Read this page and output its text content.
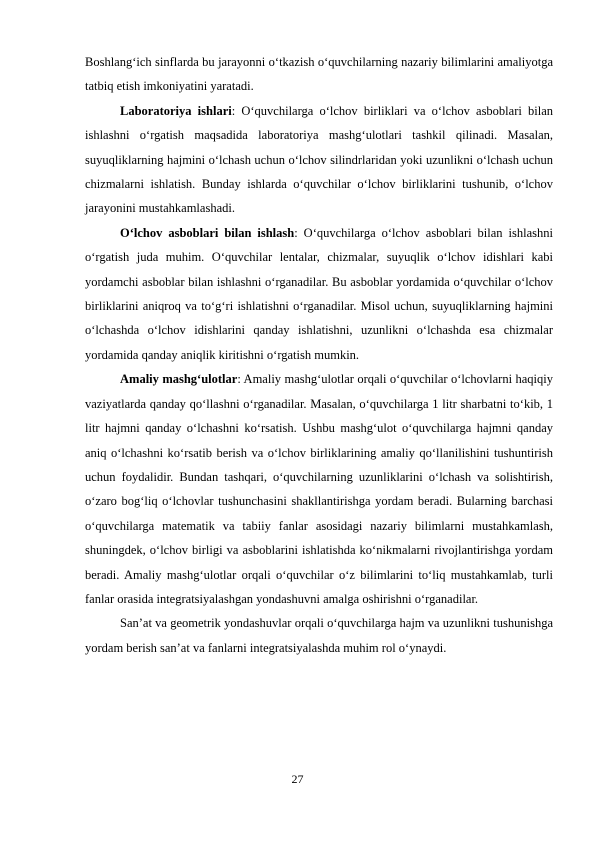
Boshlang‘ich sinflarda bu jarayonni o‘tkazish o‘quvchilarning nazariy bilimlarini amaliyotga tatbiq etish imkoniyatini yaratadi.

Laboratoriya ishlari: O‘quvchilarga o‘lchov birliklari va o‘lchov asboblari bilan ishlashni o‘rgatish maqsadida laboratoriya mashg‘ulotlari tashkil qilinadi. Masalan, suyuqliklarning hajmini o‘lchash uchun o‘lchov silindrlaridan yoki uzunlikni o‘lchash uchun chizmalarni ishlatish. Bunday ishlarda o‘quvchilar o‘lchov birliklarini tushunib, o‘lchov jarayonini mustahkamlashadi.

O‘lchov asboblari bilan ishlash: O‘quvchilarga o‘lchov asboblari bilan ishlashni o‘rgatish juda muhim. O‘quvchilar lentalar, chizmalar, suyuqlik o‘lchov idishlari kabi yordamchi asboblar bilan ishlashni o‘rganadilar. Bu asboblar yordamida o‘quvchilar o‘lchov birliklarini aniqroq va to‘g‘ri ishlatishni o‘rganadilar. Misol uchun, suyuqliklarning hajmini o‘lchashda o‘lchov idishlarini qanday ishlatishni, uzunlikni o‘lchashda esa chizmalar yordamida qanday aniqlik kiritishni o‘rgatish mumkin.

Amaliy mashg‘ulotlar: Amaliy mashg‘ulotlar orqali o‘quvchilar o‘lchovlarni haqiqiy vaziyatlarda qanday qo‘llashni o‘rganadilar. Masalan, o‘quvchilarga 1 litr sharbatni to‘kib, 1 litr hajmni qanday o‘lchashni ko‘rsatish. Ushbu mashg‘ulot o‘quvchilarga hajmni qanday aniq o‘lchashni ko‘rsatib berish va o‘lchov birliklarining amaliy qo‘llanilishini tushuntirish uchun foydalidir. Bundan tashqari, o‘quvchilarning uzunliklarini o‘lchash va solishtirish, o‘zaro bog‘liq o‘lchovlar tushunchasini shakllantirishga yordam beradi. Bularning barchasi o‘quvchilarga matematik va tabiiy fanlar asosidagi nazariy bilimlarni mustahkamlash, shuningdek, o‘lchov birligi va asboblarini ishlatishda ko‘nikmalarni rivojlantirishga yordam beradi. Amaliy mashg‘ulotlar orqali o‘quvchilar o‘z bilimlarini to‘liq mustahkamlab, turli fanlar orasida integratsiyalashgan yondashuvni amalga oshirishni o‘rganadilar.

San’at va geometrik yondashuvlar orqali o‘quvchilarga hajm va uzunlikni tushunishga yordam berish san’at va fanlarni integratsiyalashda muhim rol o‘ynaydi.

27
